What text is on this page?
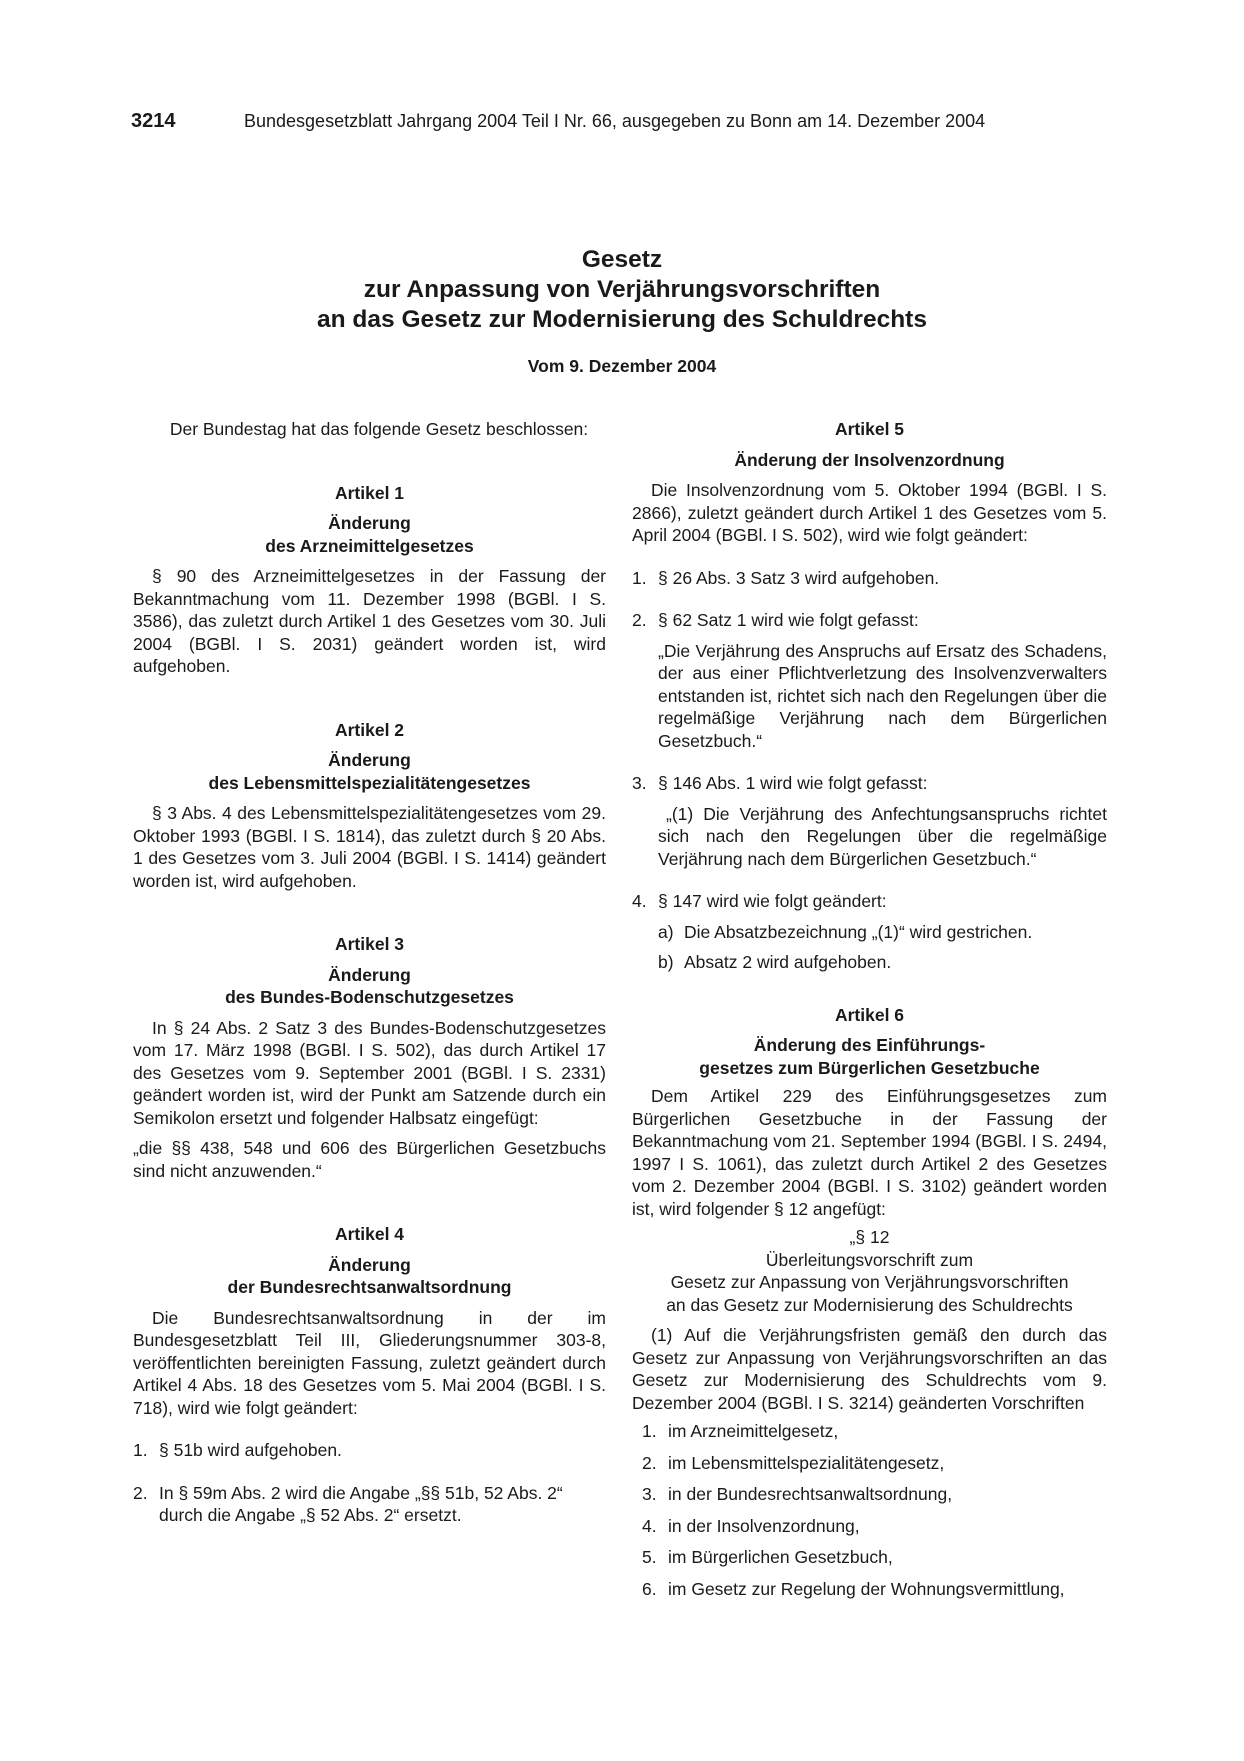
3214	Bundesgesetzblatt Jahrgang 2004 Teil I Nr. 66, ausgegeben zu Bonn am 14. Dezember 2004
Gesetz
zur Anpassung von Verjährungsvorschriften
an das Gesetz zur Modernisierung des Schuldrechts
Vom 9. Dezember 2004

Der Bundestag hat das folgende Gesetz beschlossen:

Artikel 1

Änderung

des Arzneimittelgesetzes

§ 90 des Arzneimittelgesetzes in der Fassung der Bekanntmachung vom 11. Dezember 1998 (BGBl. I S. 3586), das zuletzt durch Artikel 1 des Gesetzes vom 30. Juli 2004 (BGBl. I S. 2031) geändert worden ist, wird aufgehoben.

Artikel 2

Änderung

des Lebensmittelspezialitätengesetzes

§ 3 Abs. 4 des Lebensmittelspezialitätengesetzes vom 29. Oktober 1993 (BGBl. I S. 1814), das zuletzt durch § 20 Abs. 1 des Gesetzes vom 3. Juli 2004 (BGBl. I S. 1414) geändert worden ist, wird aufgehoben.

Artikel 3

Änderung

des Bundes-Bodenschutzgesetzes

In § 24 Abs. 2 Satz 3 des Bundes-Bodenschutzgesetzes vom 17. März 1998 (BGBl. I S. 502), das durch Artikel 17 des Gesetzes vom 9. September 2001 (BGBl. I S. 2331) geändert worden ist, wird der Punkt am Satzende durch ein Semikolon ersetzt und folgender Halbsatz eingefügt:

„die §§ 438, 548 und 606 des Bürgerlichen Gesetzbuchs sind nicht anzuwenden.“

Artikel 4

Änderung

der Bundesrechtsanwaltsordnung

Die Bundesrechtsanwaltsordnung in der im Bundesgesetzblatt Teil III, Gliederungsnummer 303-8, veröffentlichten bereinigten Fassung, zuletzt geändert durch Artikel 4 Abs. 18 des Gesetzes vom 5. Mai 2004 (BGBl. I S. 718), wird wie folgt geändert:

1. § 51b wird aufgehoben.
2. In § 59m Abs. 2 wird die Angabe „§§ 51b, 52 Abs. 2“ durch die Angabe „§ 52 Abs. 2“ ersetzt.

Artikel 5

Änderung der Insolvenzordnung

Die Insolvenzordnung vom 5. Oktober 1994 (BGBl. I S. 2866), zuletzt geändert durch Artikel 1 des Gesetzes vom 5. April 2004 (BGBl. I S. 502), wird wie folgt geändert:

1. § 26 Abs. 3 Satz 3 wird aufgehoben.
2. § 62 Satz 1 wird wie folgt gefasst:
„Die Verjährung des Anspruchs auf Ersatz des Schadens, der aus einer Pflichtverletzung des Insolvenzverwalters entstanden ist, richtet sich nach den Regelungen über die regelmäßige Verjährung nach dem Bürgerlichen Gesetzbuch.“
3. § 146 Abs. 1 wird wie folgt gefasst:
„(1) Die Verjährung des Anfechtungsanspruchs richtet sich nach den Regelungen über die regelmäßige Verjährung nach dem Bürgerlichen Gesetzbuch.“
4. § 147 wird wie folgt geändert:
a) Die Absatzbezeichnung „(1)“ wird gestrichen.
b) Absatz 2 wird aufgehoben.

Artikel 6

Änderung des Einführungs-

gesetzes zum Bürgerlichen Gesetzbuche

Dem Artikel 229 des Einführungsgesetzes zum Bürgerlichen Gesetzbuche in der Fassung der Bekanntmachung vom 21. September 1994 (BGBl. I S. 2494, 1997 I S. 1061), das zuletzt durch Artikel 2 des Gesetzes vom 2. Dezember 2004 (BGBl. I S. 3102) geändert worden ist, wird folgender § 12 angefügt:

„§ 12

Überleitungsvorschrift zum

Gesetz zur Anpassung von Verjährungsvorschriften

an das Gesetz zur Modernisierung des Schuldrechts

(1) Auf die Verjährungsfristen gemäß den durch das Gesetz zur Anpassung von Verjährungsvorschriften an das Gesetz zur Modernisierung des Schuldrechts vom 9. Dezember 2004 (BGBl. I S. 3214) geänderten Vorschriften

1. im Arzneimittelgesetz,
2. im Lebensmittelspezialitätengesetz,
3. in der Bundesrechtsanwaltsordnung,
4. in der Insolvenzordnung,
5. im Bürgerlichen Gesetzbuch,
6. im Gesetz zur Regelung der Wohnungsvermittlung,
